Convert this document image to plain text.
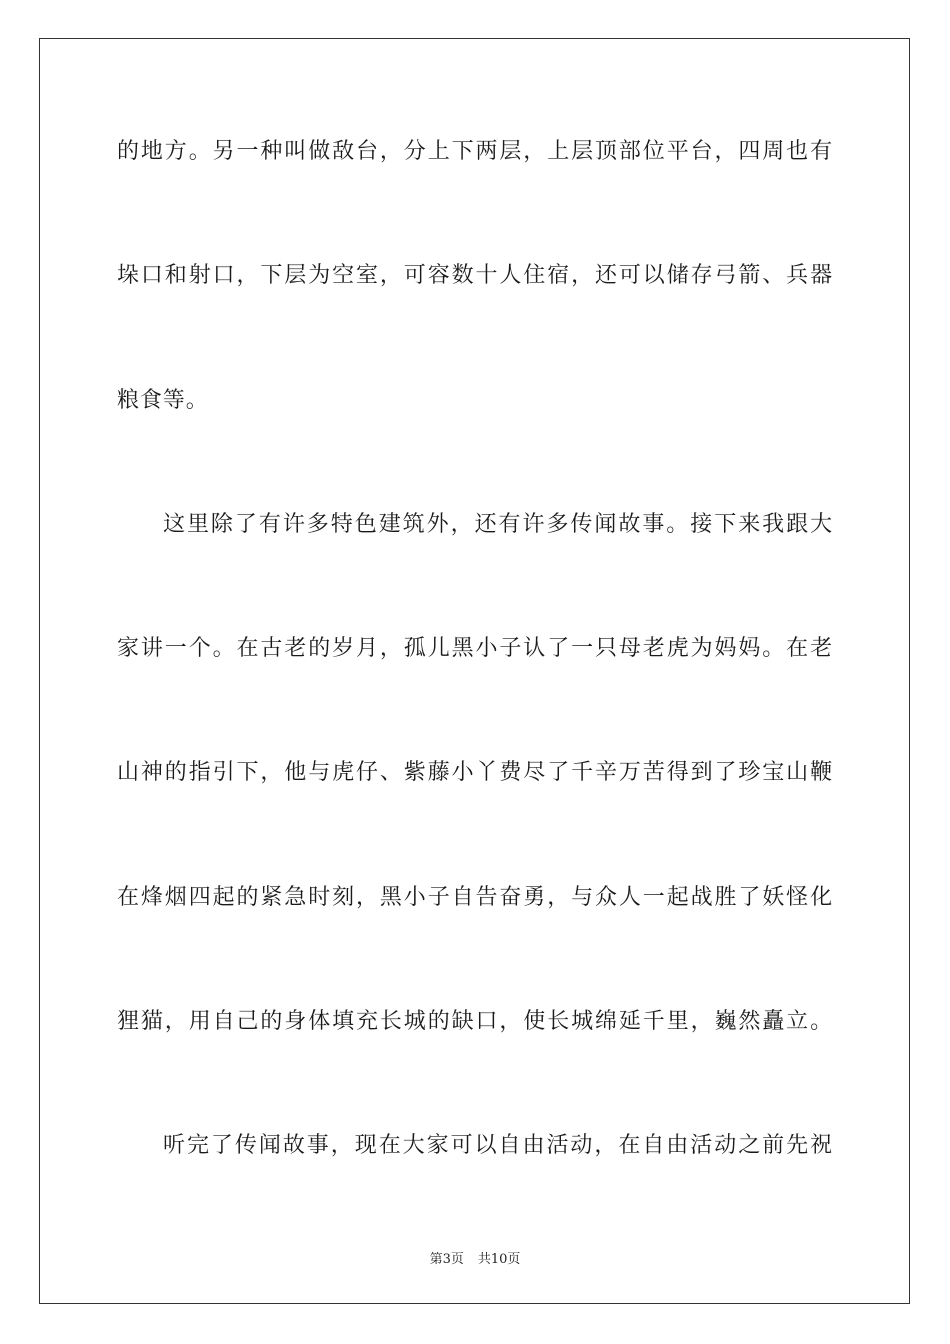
的地方。另一种叫做敌台，分上下两层，上层顶部位平台，四周也有
垛口和射口，下层为空室，可容数十人住宿，还可以储存弓箭、兵器
粮食等。
这里除了有许多特色建筑外，还有许多传闻故事。接下来我跟大
家讲一个。在古老的岁月，孤儿黑小子认了一只母老虎为妈妈。在老
山神的指引下，他与虎仔、紫藤小丫费尽了千辛万苦得到了珍宝山鞭
在烽烟四起的紧急时刻，黑小子自告奋勇，与众人一起战胜了妖怪化
狸猫，用自己的身体填充长城的缺口，使长城绵延千里，巍然矗立。
听完了传闻故事，现在大家可以自由活动，在自由活动之前先祝
第3页 共10页
